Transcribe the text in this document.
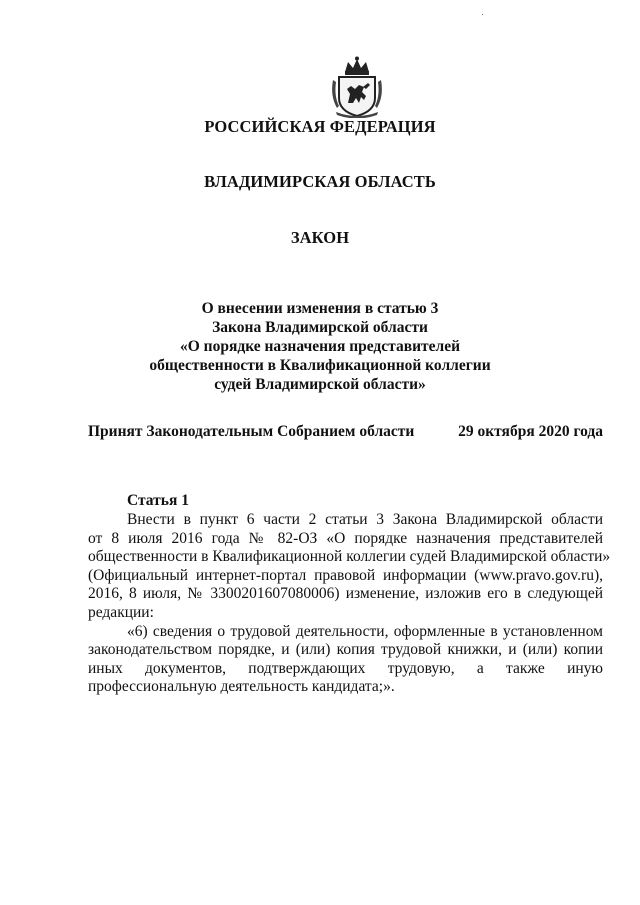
РОССИЙСКАЯ ФЕДЕРАЦИЯ
ВЛАДИМИРСКАЯ ОБЛАСТЬ
ЗАКОН
О внесении изменения в статью 3
Закона Владимирской области
«О порядке назначения представителей
общественности в Квалификационной коллегии
судей Владимирской области»
Принят Законодательным Собранием области	29 октября 2020 года
Статья 1
Внести в пункт 6 части 2 статьи 3 Закона Владимирской области
от 8 июля 2016 года № 82-ОЗ «О порядке назначения представителей
общественности в Квалификационной коллегии судей Владимирской области»
(Официальный интернет-портал правовой информации (www.pravo.gov.ru),
2016, 8 июля, № 3300201607080006) изменение, изложив его в следующей
редакции:
«6) сведения о трудовой деятельности, оформленные в установленном
законодательством порядке, и (или) копия трудовой книжки, и (или) копии
иных документов, подтверждающих трудовую, а также иную
профессиональную деятельность кандидата;».
